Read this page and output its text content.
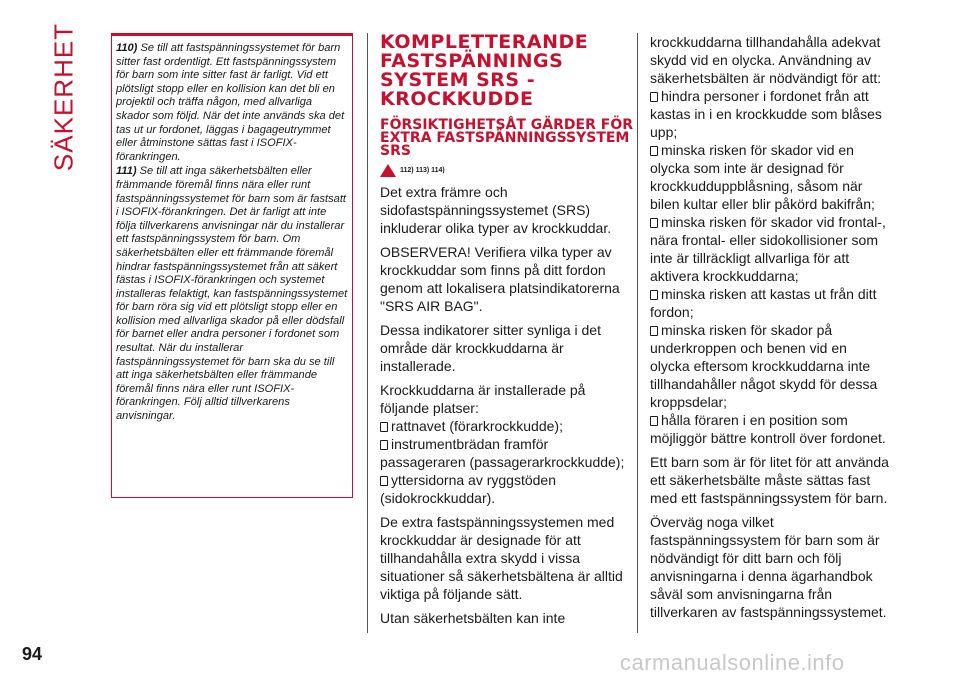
SÄKERHET
94

110) Se till att fastspänningssystemet för barn sitter fast ordentligt. Ett fastspänningssystem för barn som inte sitter fast är farligt. Vid ett plötsligt stopp eller en kollision kan det bli en projektil och träffa någon, med allvarliga skador som följd. När det inte används ska det tas ut ur fordonet, läggas i bagageutrymmet eller åtminstone sättas fast i ISOFIX-förankringen.

111) Se till att inga säkerhetsbälten eller främmande föremål finns nära eller runt fastspänningssystemet för barn som är fastsatt i ISOFIX-förankringen. Det är farligt att inte följa tillverkarens anvisningar när du installerar ett fastspänningssystem för barn. Om säkerhetsbälten eller ett främmande föremål hindrar fastspänningssystemet från att säkert fästas i ISOFIX-förankringen och systemet installeras felaktigt, kan fastspänningssystemet för barn röra sig vid ett plötsligt stopp eller en kollision med allvarliga skador på eller dödsfall för barnet eller andra personer i fordonet som resultat. När du installerar fastspänningssystemet för barn ska du se till att inga säkerhetsbälten eller främmande föremål finns nära eller runt ISOFIX-förankringen. Följ alltid tillverkarens anvisningar.

KOMPLETTERANDE FASTSPÄNNINGS SYSTEM SRS - KROCKKUDDE
FÖRSIKTIGHETSÅT GÄRDER FÖR EXTRA FASTSPÄNNINGSSYSTEM SRS
112) 113) 114)

Det extra främre och sidofastspänningssystemet (SRS) inkluderar olika typer av krockkuddar.

OBSERVERA! Verifiera vilka typer av krockkuddar som finns på ditt fordon genom att lokalisera platsindikatorerna "SRS AIR BAG".

Dessa indikatorer sitter synliga i det område där krockkuddarna är installerade.

Krockkuddarna är installerade på följande platser:

rattnavet (förarkrockkudde);

instrumentbrädan framför passageraren (passagerarkrockkudde);

yttersidorna av ryggstöden (sidokrockkuddar).

De extra fastspänningssystemen med krockkuddar är designade för att tillhandahålla extra skydd i vissa situationer så säkerhetsbältena är alltid viktiga på följande sätt.

Utan säkerhetsbälten kan inte

krockkuddarna tillhandahålla adekvat skydd vid en olycka. Användning av säkerhetsbälten är nödvändigt för att:

hindra personer i fordonet från att kastas in i en krockkudde som blåses upp;

minska risken för skador vid en olycka som inte är designad för krockkudduppblåsning, såsom när bilen kultar eller blir påkörd bakifrån;

minska risken för skador vid frontal-, nära frontal- eller sidokollisioner som inte är tillräckligt allvarliga för att aktivera krockkuddarna;

minska risken att kastas ut från ditt fordon;

minska risken för skador på underkroppen och benen vid en olycka eftersom krockkuddarna inte tillhandahåller något skydd för dessa kroppsdelar;

hålla föraren i en position som möjliggör bättre kontroll över fordonet.

Ett barn som är för litet för att använda ett säkerhetsbälte måste sättas fast med ett fastspänningssystem för barn.

Överväg noga vilket fastspänningssystem för barn som är nödvändigt för ditt barn och följ anvisningarna i denna ägarhandbok såväl som anvisningarna från tillverkaren av fastspänningssystemet.

carmanualsonline.info
